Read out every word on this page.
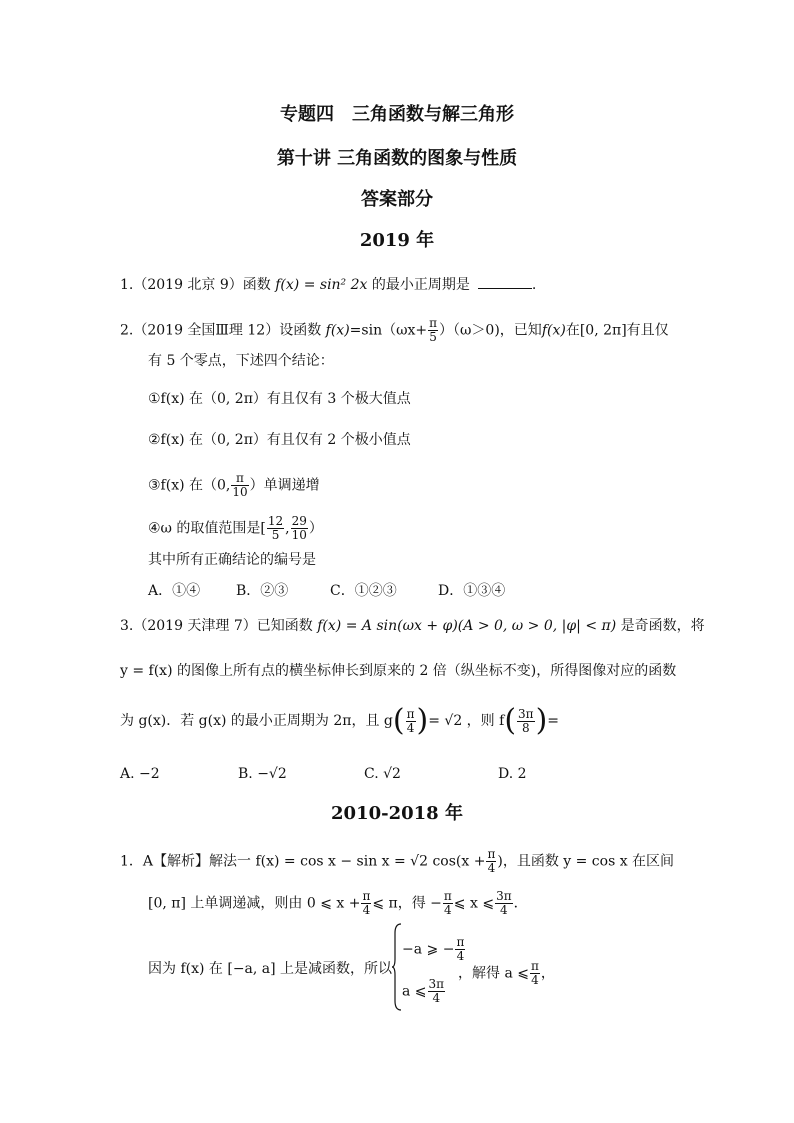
专题四　三角函数与解三角形
第十讲 三角函数的图象与性质
答案部分
2019 年
1.（2019 北京 9）函数 f(x) = sin² 2x 的最小正周期是	.
2.（2019 全国Ⅲ理 12）设函数 $f(x)=\sin(\omega x+ \frac{\pi}{5} )(\omega>0)$，已知f(x)在[0, 2π]有且仅
有 5 个零点，下述四个结论：
①f(x) 在（0, 2π）有且仅有 3 个极大值点
②f(x) 在（0, 2π）有且仅有 2 个极小值点
③f(x) 在（0, $\frac{\pi}{10}$ ）单调递增
④ω 的取值范围是[ $\frac{12}{5}$ , $\frac{29}{10}$ ）
其中所有正确结论的编号是
A．①④	B．②③	C．①②③	D．①③④
3.（2019 天津理 7）已知函数 f(x) = A sin(ωx + φ)(A > 0, ω > 0, |φ| < π) 是奇函数，将
y = f(x) 的图像上所有点的横坐标伸长到原来的 2 倍（纵坐标不变)，所得图像对应的函数
为 g(x)．若 g(x) 的最小正周期为 2π，且 $g( \frac{\pi}{4}$ )= √2 ，则 $f( \frac{3\pi}{8}$ )=
A. −2	B. −√2	C. √2	D. 2
2010-2018 年
1．A【解析】解法一 f(x) = cos x − sin x = √2 $\cos(x + \frac{\pi}{4}$ )，且函数 y = cos x 在区间
[0, π] 上单调递减，则由 0 ⩽ $x + \frac{\pi}{4}$ ⩽ π，得 − $\frac{\pi}{4}$ ⩽ x ⩽ $\frac{3\pi}{4}$ ．
因为 f(x) 在 [−a, a] 上是减函数，所以
−a ⩾ − $\frac{\pi}{4}$
a ⩽ $\frac{3\pi}{4}$
，解得 a ⩽ $\frac{\pi}{4}$ ，
